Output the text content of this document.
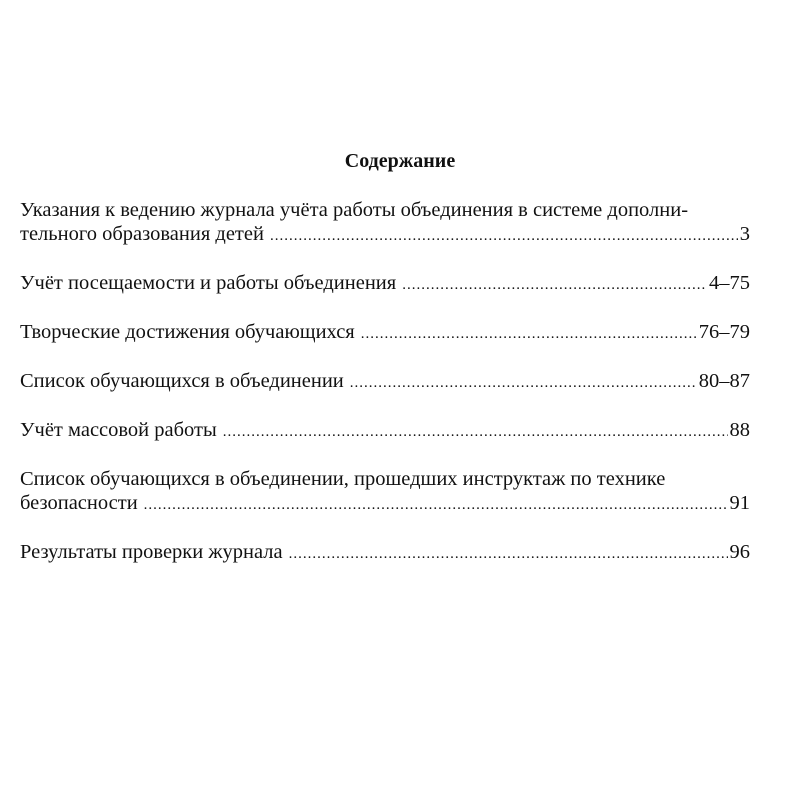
Содержание
Указания к ведению журнала учёта работы объединения в системе дополни-
тельного образования детей .....	3
Учёт посещаемости и работы объединения .....	4–75
Творческие достижения обучающихся .....	76–79
Список обучающихся в объединении .....	80–87
Учёт массовой работы .....	88
Список обучающихся в объединении, прошедших инструктаж по технике
безопасности .....	91
Результаты проверки журнала .....	96
